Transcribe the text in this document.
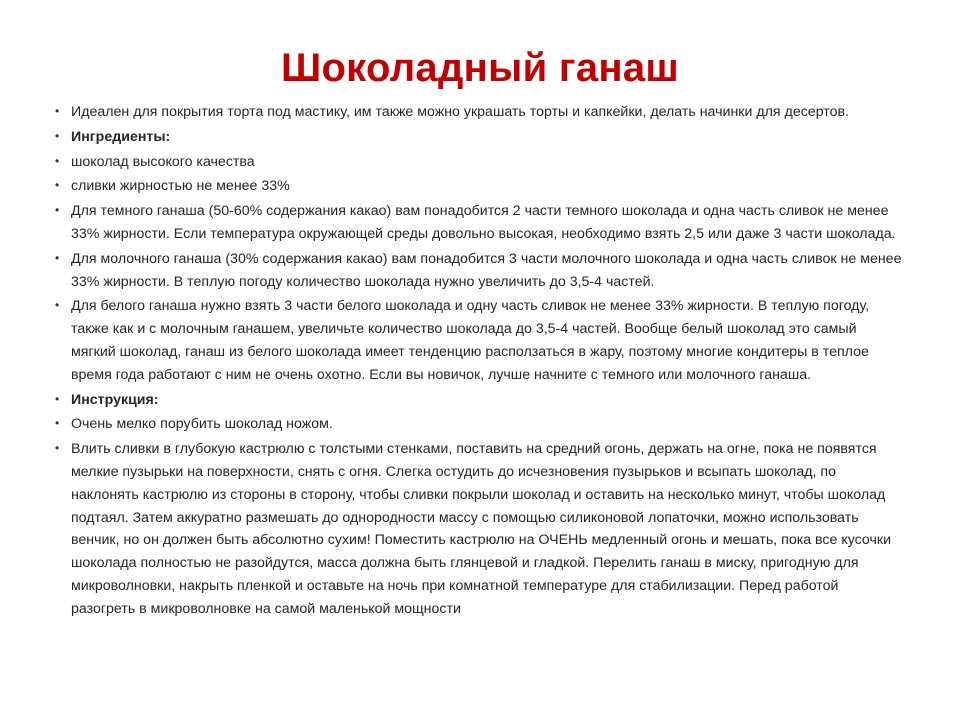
Шоколадный ганаш
• Идеален для покрытия торта под мастику, им также можно украшать торты и капкейки, делать начинки для десертов.
• Ингредиенты:
• шоколад высокого качества
• сливки жирностью не менее 33%
• Для темного ганаша (50-60% содержания какао) вам понадобится 2 части темного шоколада и одна часть сливок не менее 33% жирности. Если температура окружающей среды довольно высокая, необходимо взять 2,5 или даже 3 части шоколада.
• Для молочного ганаша (30% содержания какао) вам понадобится 3 части молочного шоколада и одна часть сливок не менее 33% жирности. В теплую погоду количество шоколада нужно увеличить до 3,5-4 частей.
• Для белого ганаша нужно взять 3 части белого шоколада и одну часть сливок не менее 33% жирности. В теплую погоду, также как и с молочным ганашем, увеличьте количество шоколада до 3,5-4 частей. Вообще белый шоколад это самый мягкий шоколад, ганаш из белого шоколада имеет тенденцию расползаться в жару, поэтому многие кондитеры в теплое время года работают с ним не очень охотно. Если вы новичок, лучше начните с темного или молочного ганаша.
• Инструкция:
• Очень мелко порубить шоколад ножом.
• Влить сливки в глубокую кастрюлю с толстыми стенками, поставить на средний огонь, держать на огне, пока не появятся мелкие пузырьки на поверхности, снять с огня. Слегка остудить до исчезновения пузырьков и всыпать шоколад, по наклонять кастрюлю из стороны в сторону, чтобы сливки покрыли шоколад и оставить на несколько минут, чтобы шоколад подтаял. Затем аккуратно размешать до однородности массу с помощью силиконовой лопаточки, можно использовать венчик, но он должен быть абсолютно сухим! Поместить кастрюлю на ОЧЕНЬ медленный огонь и мешать, пока все кусочки шоколада полностью не разойдутся, масса должна быть глянцевой и гладкой. Перелить ганаш в миску, пригодную для микроволновки, накрыть пленкой и оставьте на ночь при комнатной температуре для стабилизации. Перед работой разогреть в микроволновке на самой маленькой мощности
